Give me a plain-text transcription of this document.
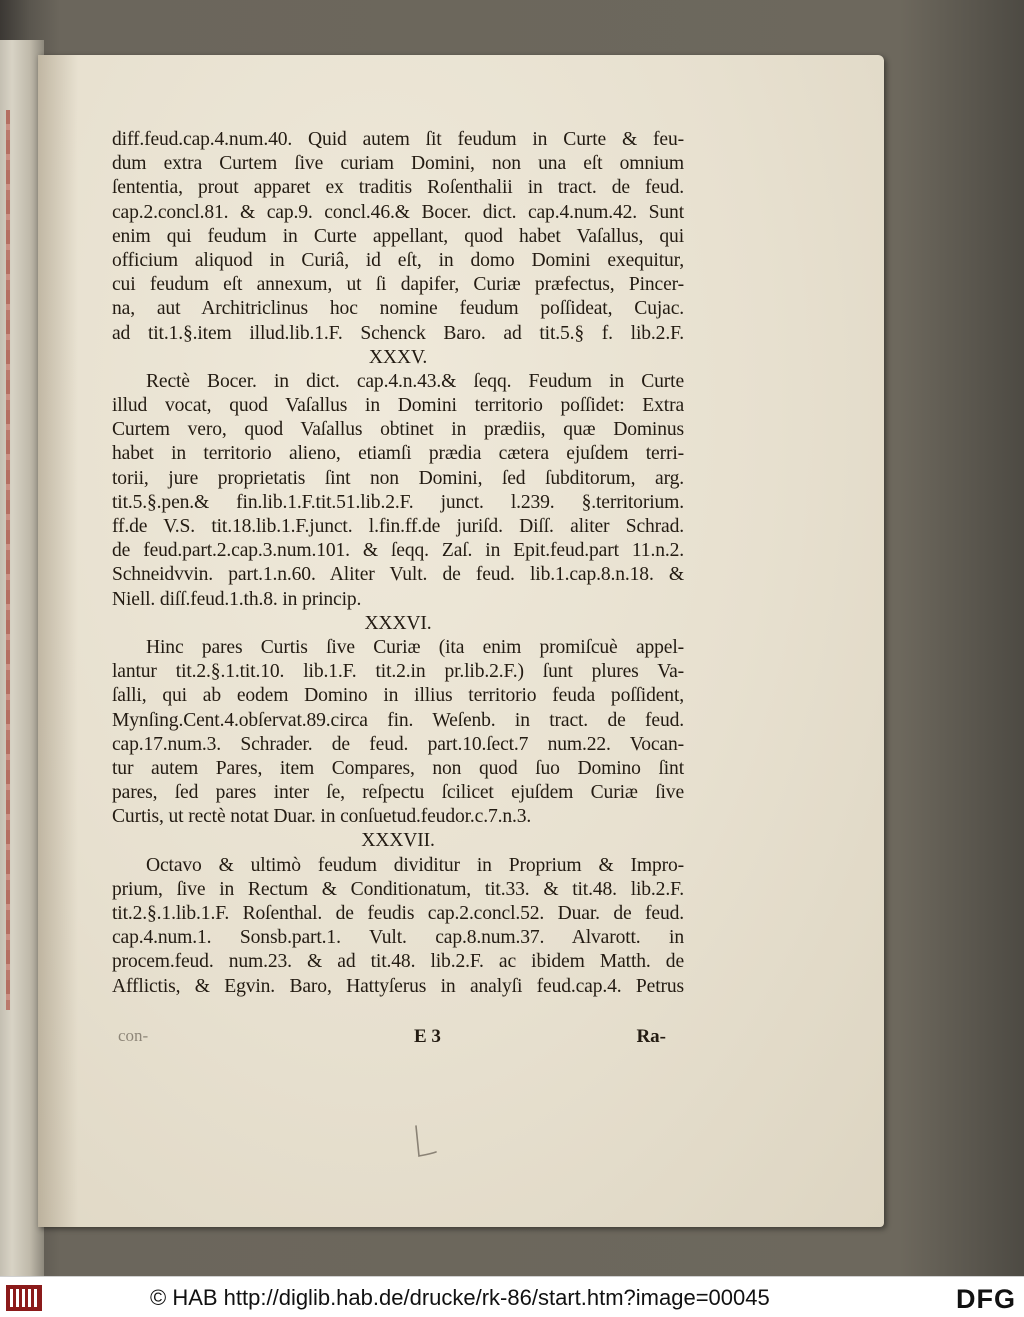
diff.feud.cap.4.num.40. Quid autem ſit feudum in Curte & feu-
dum extra Curtem ſive curiam Domini, non una eſt omnium
ſententia, prout apparet ex traditis Roſenthalii in tract. de feud.
cap.2.concl.81. & cap.9. concl.46.& Bocer. dict. cap.4.num.42. Sunt
enim qui feudum in Curte appellant, quod habet Vaſallus, qui
officium aliquod in Curiâ, id eſt, in domo Domini exequitur,
cui feudum eſt annexum, ut ſi dapifer, Curiæ præfectus, Pincer-
na, aut Architriclinus hoc nomine feudum poſſideat, Cujac.
ad tit.1.§.item illud.lib.1.F. Schenck Baro. ad tit.5.§ f. lib.2.F.
XXXV.
Rectè Bocer. in dict. cap.4.n.43.& ſeqq. Feudum in Curte
illud vocat, quod Vaſallus in Domini territorio poſſidet: Extra
Curtem vero, quod Vaſallus obtinet in prædiis, quæ Dominus
habet in territorio alieno, etiamſi prædia cætera ejuſdem terri-
torii, jure proprietatis ſint non Domini, ſed ſubditorum, arg.
tit.5.§.pen.& fin.lib.1.F.tit.51.lib.2.F. junct. l.239. §.territorium.
ff.de V.S. tit.18.lib.1.F.junct. l.fin.ff.de juriſd. Diſſ. aliter Schrad.
de feud.part.2.cap.3.num.101. & ſeqq. Zaſ. in Epit.feud.part 11.n.2.
Schneidvvin. part.1.n.60. Aliter Vult. de feud. lib.1.cap.8.n.18. &
Niell. diſſ.feud.1.th.8. in princip.
XXXVI.
Hinc pares Curtis ſive Curiæ (ita enim promiſcuè appel-
lantur tit.2.§.1.tit.10. lib.1.F. tit.2.in pr.lib.2.F.) ſunt plures Va-
ſalli, qui ab eodem Domino in illius territorio feuda poſſident,
Mynſing.Cent.4.obſervat.89.circa fin. Weſenb. in tract. de feud.
cap.17.num.3. Schrader. de feud. part.10.ſect.7 num.22. Vocan-
tur autem Pares, item Compares, non quod ſuo Domino ſint
pares, ſed pares inter ſe, reſpectu ſcilicet ejuſdem Curiæ ſive
Curtis, ut rectè notat Duar. in conſuetud.feudor.c.7.n.3.
XXXVII.
Octavo & ultimò feudum dividitur in Proprium & Impro-
prium, ſive in Rectum & Conditionatum, tit.33. & tit.48. lib.2.F.
tit.2.§.1.lib.1.F. Roſenthal. de feudis cap.2.concl.52. Duar. de feud.
cap.4.num.1. Sonsb.part.1. Vult. cap.8.num.37. Alvarott. in
procem.feud. num.23. & ad tit.48. lib.2.F. ac ibidem Matth. de
Afflictis, & Egvin. Baro, Hattyſerus in analyſi feud.cap.4. Petrus
con-	E 3	Ra-
© HAB http://diglib.hab.de/drucke/rk-86/start.htm?image=00045	DFG
